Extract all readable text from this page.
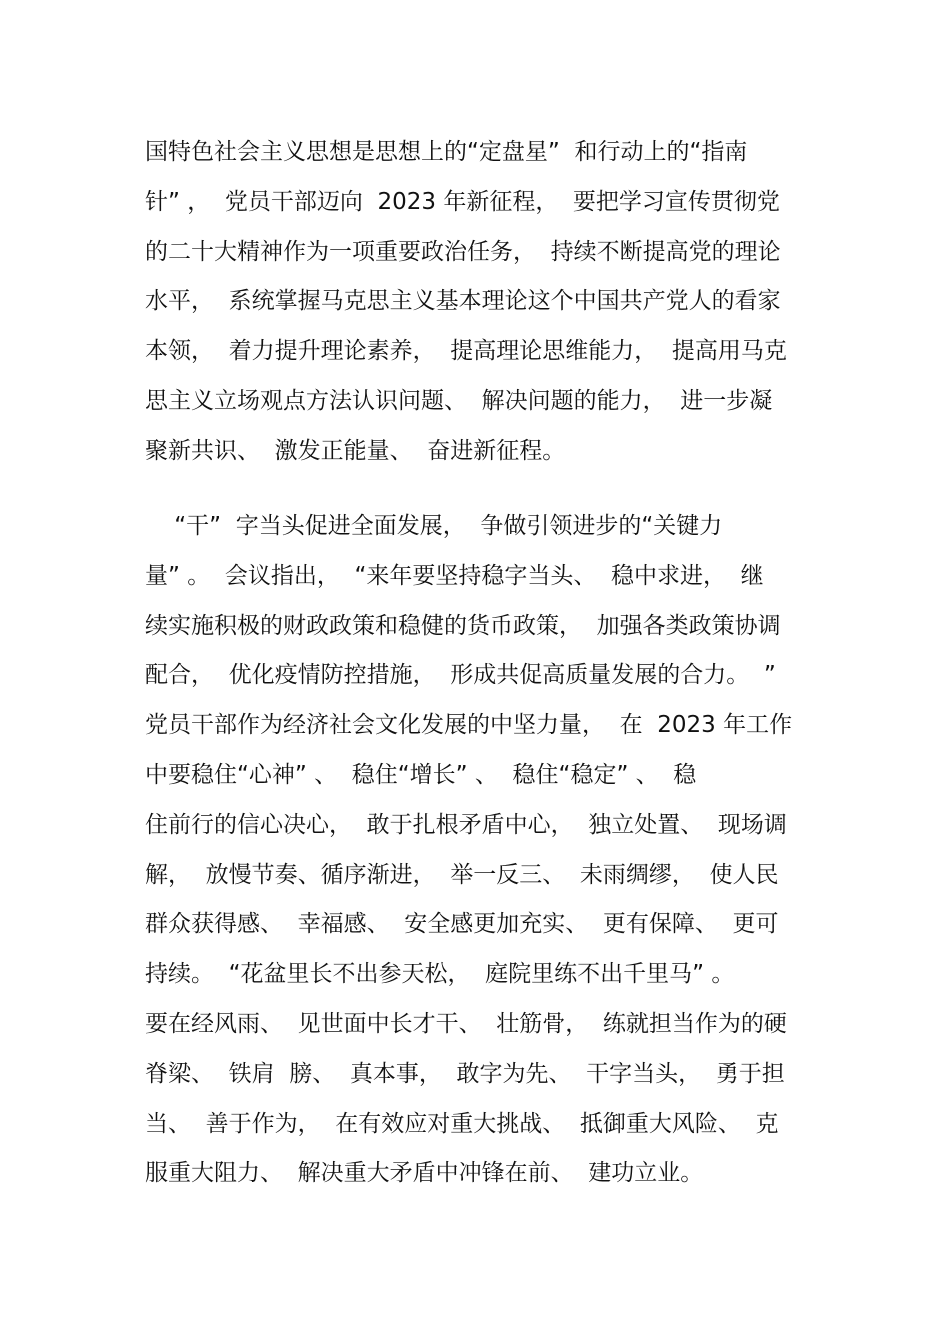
国特色社会主义思想是思想上的“定盘星”  和行动上的“指南
针” ，  党员干部迈向  2023 年新征程，  要把学习宣传贯彻党
的二十大精神作为一项重要政治任务，  持续不断提高党的理论
水平，  系统掌握马克思主义基本理论这个中国共产党人的看家
本领，  着力提升理论素养，  提高理论思维能力，  提高用马克
思主义立场观点方法认识问题、  解决问题的能力，  进一步凝
聚新共识、  激发正能量、  奋进新征程。
“干”  字当头促进全面发展，  争做引领进步的“关键力
量” 。  会议指出，  “来年要坚持稳字当头、  稳中求进，  继
续实施积极的财政政策和稳健的货币政策，  加强各类政策协调
配合，  优化疫情防控措施，  形成共促高质量发展的合力。  ”
党员干部作为经济社会文化发展的中坚力量，  在  2023 年工作
中要稳住“心神” 、  稳住“增长” 、  稳住“稳定” 、  稳
住前行的信心决心，  敢于扎根矛盾中心，  独立处置、  现场调
解，  放慢节奏、循序渐进，  举一反三、  未雨绸缪，  使人民
群众获得感、  幸福感、  安全感更加充实、  更有保障、  更可
持续。  “花盆里长不出参天松，  庭院里练不出千里马” 。
要在经风雨、  见世面中长才干、  壮筋骨，  练就担当作为的硬
脊梁、  铁肩  膀、  真本事，  敢字为先、  干字当头，  勇于担
当、  善于作为，  在有效应对重大挑战、  抵御重大风险、  克
服重大阻力、  解决重大矛盾中冲锋在前、  建功立业。
